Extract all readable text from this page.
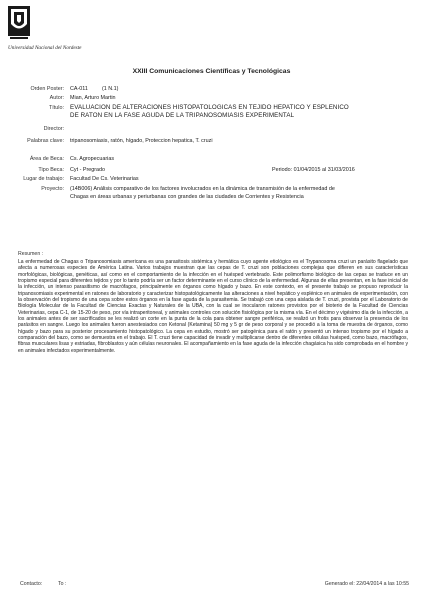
Universidad Nacional del Nordeste
XXIII Comunicaciones Científicas y Tecnológicas
Orden Poster: CA-011	(1 N.1)
Autor: Mian, Arturo Martin
Título: EVALUACION DE ALTERACIONES HISTOPATOLOGICAS EN TEJIDO HEPATICO Y ESPLENICO
DE RATON EN LA FASE AGUDA DE LA TRIPANOSOMIASIS EXPERIMENTAL
Director:
Palabras clave: tripanosomiasis, ratón, hígado, Proteccion hepatica, T. cruzi
Área de Beca: Cs. Agropecuarias
Tipo Beca: Cyt - Pregrado	Periodo: 01/04/2015 al 31/03/2016
Lugar de trabajo: Facultad De Cs. Veterinarias
Proyecto: (14B006) Análisis comparativo de los factores involucrados en la dinámica de transmisión de la enfermedad de
Chagas en áreas urbanas y periurbanas con grandes de las ciudades de Corrientes y Resistencia
Resumen :
La enfermedad de Chagas o Tripanosomiasis americana es una parasitosis sistémica y hemática cuyo agente etiológico es el Trypanosoma cruzi un parásito flagelado que afecta a numerosas especies de América Latina. Varios trabajos muestran que las cepas de T. cruzi son poblaciones complejas que difieren en sus características morfológicas, biológicas, genéticas, así como en el comportamiento de la infección en el huésped vertebrado. Este polimorfismo biológico de las cepas se traduce en un tropismo especial para diferentes tejidos y por lo tanto podría ser un factor determinante en el curso clínico de la enfermedad. Algunas de ellas presentan, en la fase inicial de la infección, un intenso parasitismo de macrófagos, principalmente en órganos como hígado y bazo. En este contexto, en el presente trabajo se propuso reproducir la tripanosomiasis experimental en ratones de laboratorio y caracterizar histopatológicamente las alteraciones a nivel hepático y esplénico en animales de experimentación, con la observación del tropismo de una cepa sobre estos órganos en la fase aguda de la parasitemia. Se trabajó con una cepa aislada de T. cruzi, provista por el Laboratorio de Biología Molecular de la Facultad de Ciencias Exactas y Naturales de la UBA, con la cual se inocularon ratones provistos por el bioterio de la Facultad de Ciencias Veterinarias, cepa C-1, de 15-20 de peso, por vía intraperitoneal, y animales controles con solución fisiológica por la misma vía. En el décimo y vigésimo día de la infección, a los animales antes de ser sacrificados se les realizó un corte en la punta de la cola para obtener sangre periférica, se realizó un frotis para observar la presencia de los parásitos en sangre. Luego los animales fueron anestesiados con Ketonal (Ketamina) 50 mg y 5 gr de peso corporal y se procedió a la toma de muestra de órganos, como hígado y bazo para su posterior procesamiento histopatológico. La cepa en estudio, mostró ser patogénica para el ratón y presentó un intenso tropismo por el hígado a comparación del bazo, como se demuestra en el trabajo. El T. cruzi tiene capacidad de invadir y multiplicarse dentro de diferentes células huésped, como bazo, macrófagos, fibras musculares lisas y estriadas, fibroblastos y aún células neuronales. El acompañamiento en la fase aguda de la infección chagásica ha sido comprobada en el hombre y en animales infectados experimentalmente.
Contacto:	To :	Generado el: 22/04/2014 a las 10:55
